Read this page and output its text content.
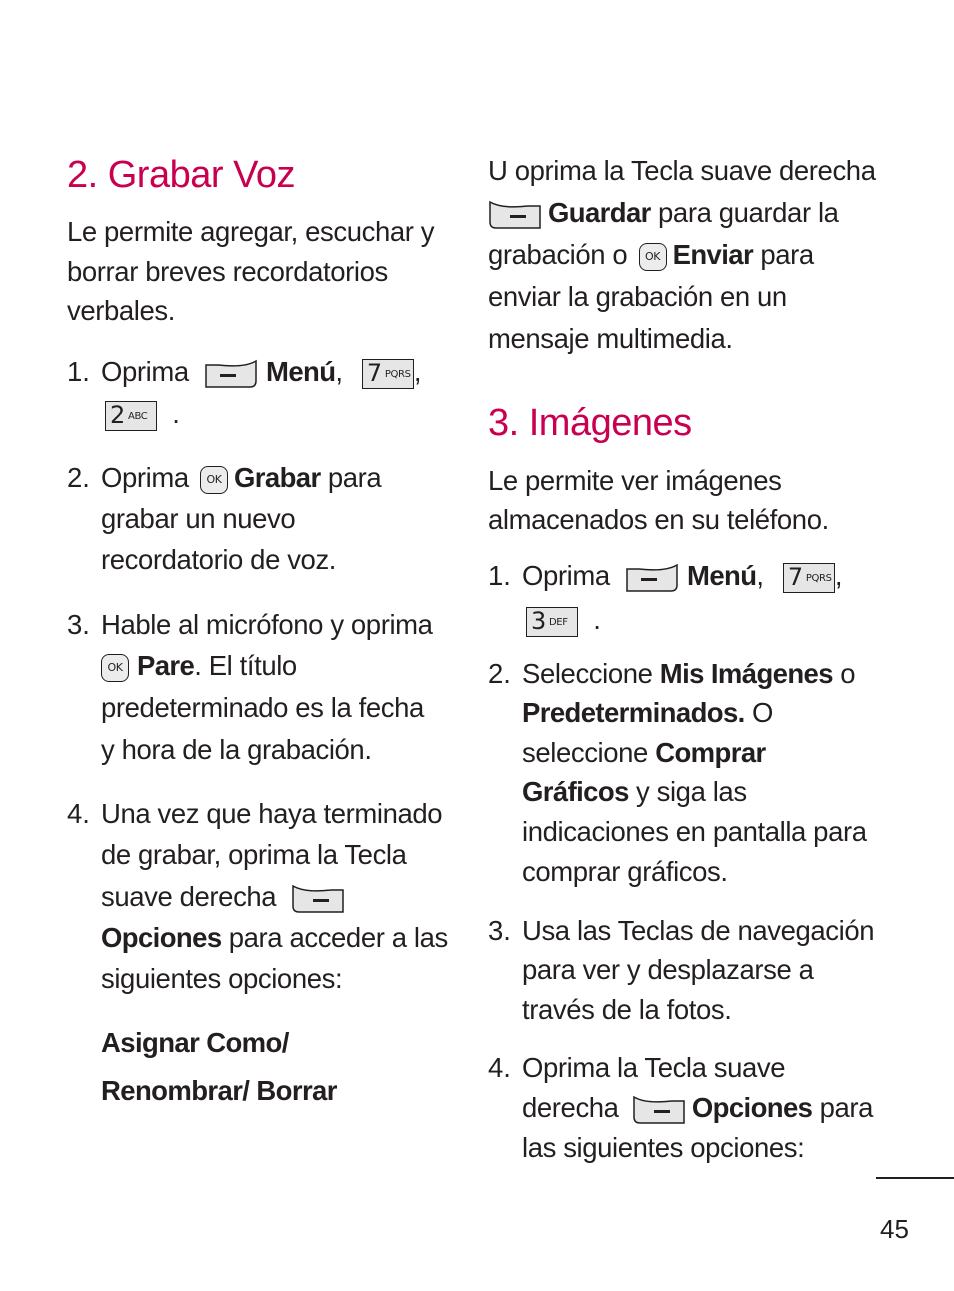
2. Grabar Voz
Le permite agregar, escuchar y
borrar breves recordatorios
verbales.
1. Oprima	Menú, 7 PQRS ,
2 ABC .
2. Oprima OK Grabar para
grabar un nuevo
recordatorio de voz.
3. Hable al micrófono y oprima
OK Pare. El título
predeterminado es la fecha
y hora de la grabación.
4. Una vez que haya terminado
de grabar, oprima la Tecla
suave derecha
Opciones para acceder a las
siguientes opciones:
Asignar Como/
Renombrar/ Borrar
U oprima la Tecla suave derecha
Guardar para guardar la
grabación o OK Enviar para
enviar la grabación en un
mensaje multimedia.
3. Imágenes
Le permite ver imágenes
almacenados en su teléfono.
1. Oprima	Menú, 7 PQRS ,
3 DEF .
2. Seleccione Mis Imágenes o
Predeterminados. O
seleccione Comprar
Gráficos y siga las
indicaciones en pantalla para
comprar gráficos.
3. Usa las Teclas de navegación
para ver y desplazarse a
través de la fotos.
4. Oprima la Tecla suave
derecha	Opciones para
las siguientes opciones:
45
